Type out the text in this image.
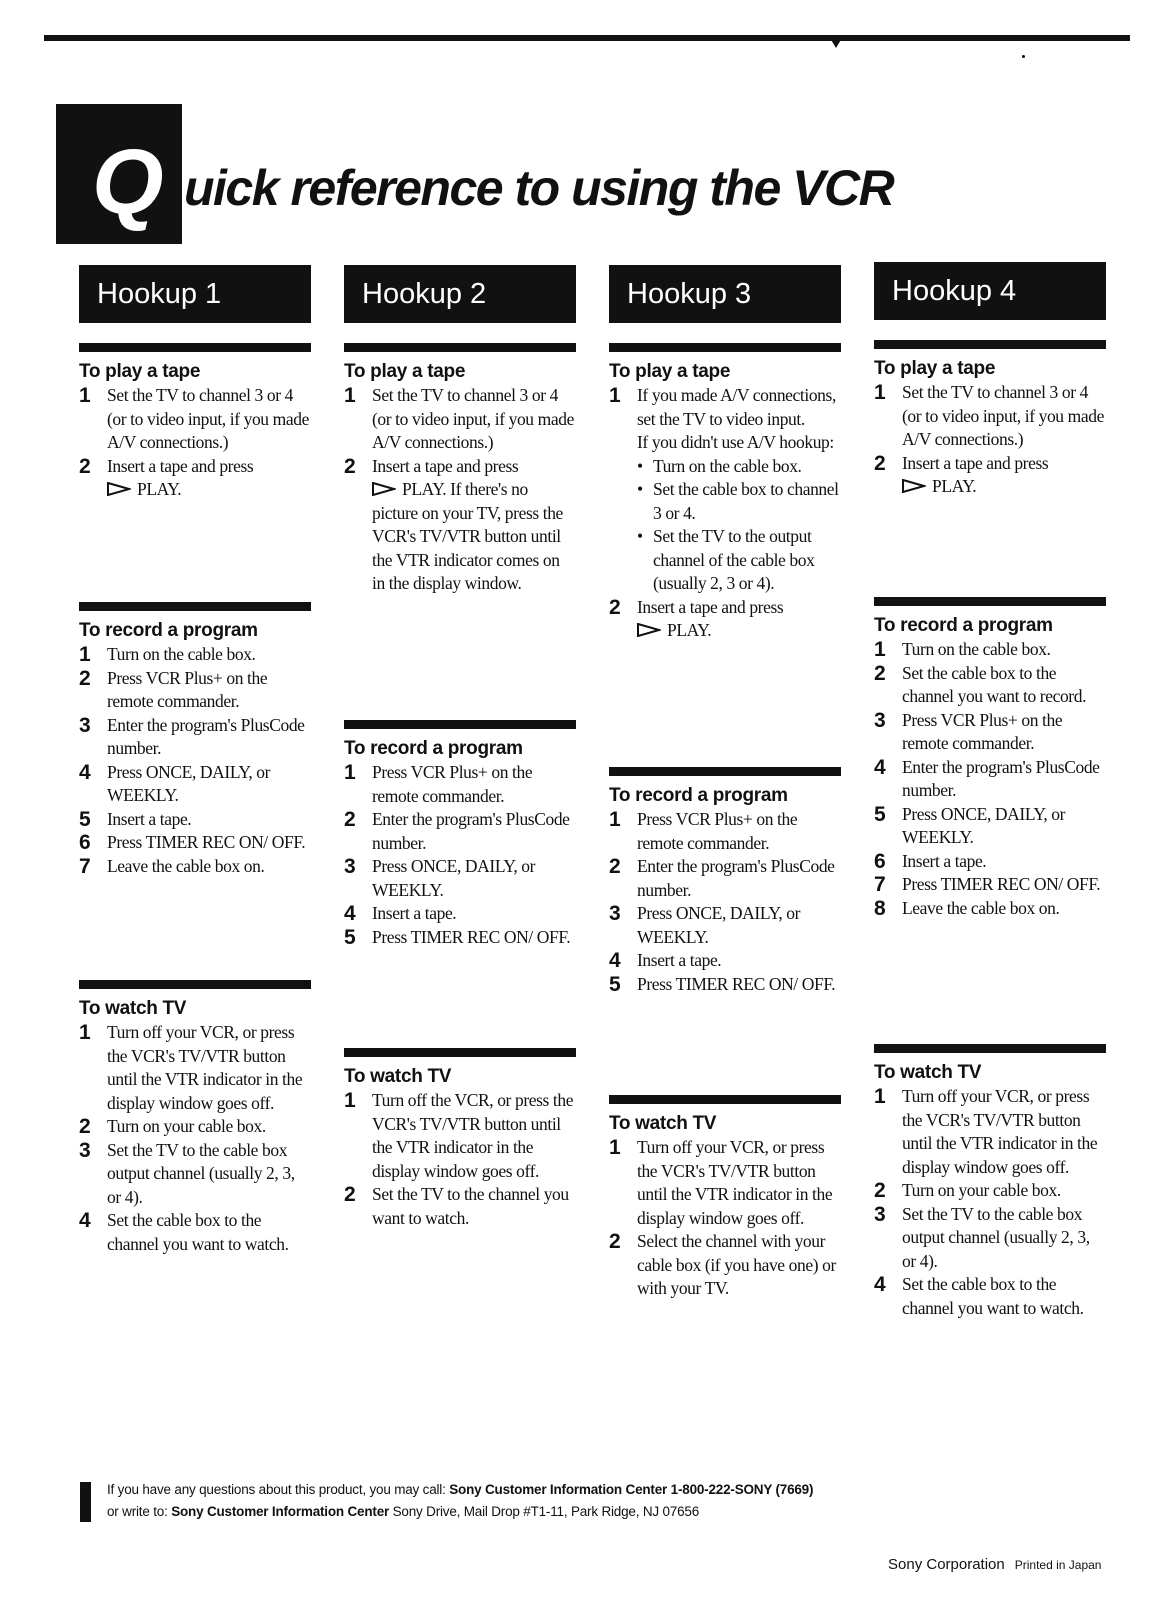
Q uick reference to using the VCR
Hookup 1
To play a tape
1 Set the TV to channel 3 or 4 (or to video input, if you made A/V connections.)
2 Insert a tape and press
PLAY.
To record a program
1 Turn on the cable box.
2 Press VCR Plus+ on the remote commander.
3 Enter the program's PlusCode number.
4 Press ONCE, DAILY, or WEEKLY.
5 Insert a tape.
6 Press TIMER REC ON/ OFF.
7 Leave the cable box on.
To watch TV
1 Turn off your VCR, or press the VCR's TV/VTR button until the VTR indicator in the display window goes off.
2 Turn on your cable box.
3 Set the TV to the cable box output channel (usually 2, 3, or 4).
4 Set the cable box to the channel you want to watch.
Hookup 2
To play a tape
1 Set the TV to channel 3 or 4 (or to video input, if you made A/V connections.)
2 Insert a tape and press
PLAY. If there's no picture on your TV, press the VCR's TV/VTR button until the VTR indicator comes on in the display window.
To record a program
1 Press VCR Plus+ on the remote commander.
2 Enter the program's PlusCode number.
3 Press ONCE, DAILY, or WEEKLY.
4 Insert a tape.
5 Press TIMER REC ON/ OFF.
To watch TV
1 Turn off the VCR, or press the VCR's TV/VTR button until the VTR indicator in the display window goes off.
2 Set the TV to the channel you want to watch.
Hookup 3
To play a tape
1 If you made A/V connections, set the TV to video input.
If you didn't use A/V hookup:
• Turn on the cable box.
• Set the cable box to channel 3 or 4.
• Set the TV to the output channel of the cable box (usually 2, 3 or 4).
2 Insert a tape and press
PLAY.
To record a program
1 Press VCR Plus+ on the remote commander.
2 Enter the program's PlusCode number.
3 Press ONCE, DAILY, or WEEKLY.
4 Insert a tape.
5 Press TIMER REC ON/ OFF.
To watch TV
1 Turn off your VCR, or press the VCR's TV/VTR button until the VTR indicator in the display window goes off.
2 Select the channel with your cable box (if you have one) or with your TV.
Hookup 4
To play a tape
1 Set the TV to channel 3 or 4 (or to video input, if you made A/V connections.)
2 Insert a tape and press
PLAY.
To record a program
1 Turn on the cable box.
2 Set the cable box to the channel you want to record.
3 Press VCR Plus+ on the remote commander.
4 Enter the program's PlusCode number.
5 Press ONCE, DAILY, or WEEKLY.
6 Insert a tape.
7 Press TIMER REC ON/ OFF.
8 Leave the cable box on.
To watch TV
1 Turn off your VCR, or press the VCR's TV/VTR button until the VTR indicator in the display window goes off.
2 Turn on your cable box.
3 Set the TV to the cable box output channel (usually 2, 3, or 4).
4 Set the cable box to the channel you want to watch.
If you have any questions about this product, you may call: Sony Customer Information Center 1-800-222-SONY (7669)
or write to: Sony Customer Information Center Sony Drive, Mail Drop #T1-11, Park Ridge, NJ 07656
Sony Corporation Printed in Japan
